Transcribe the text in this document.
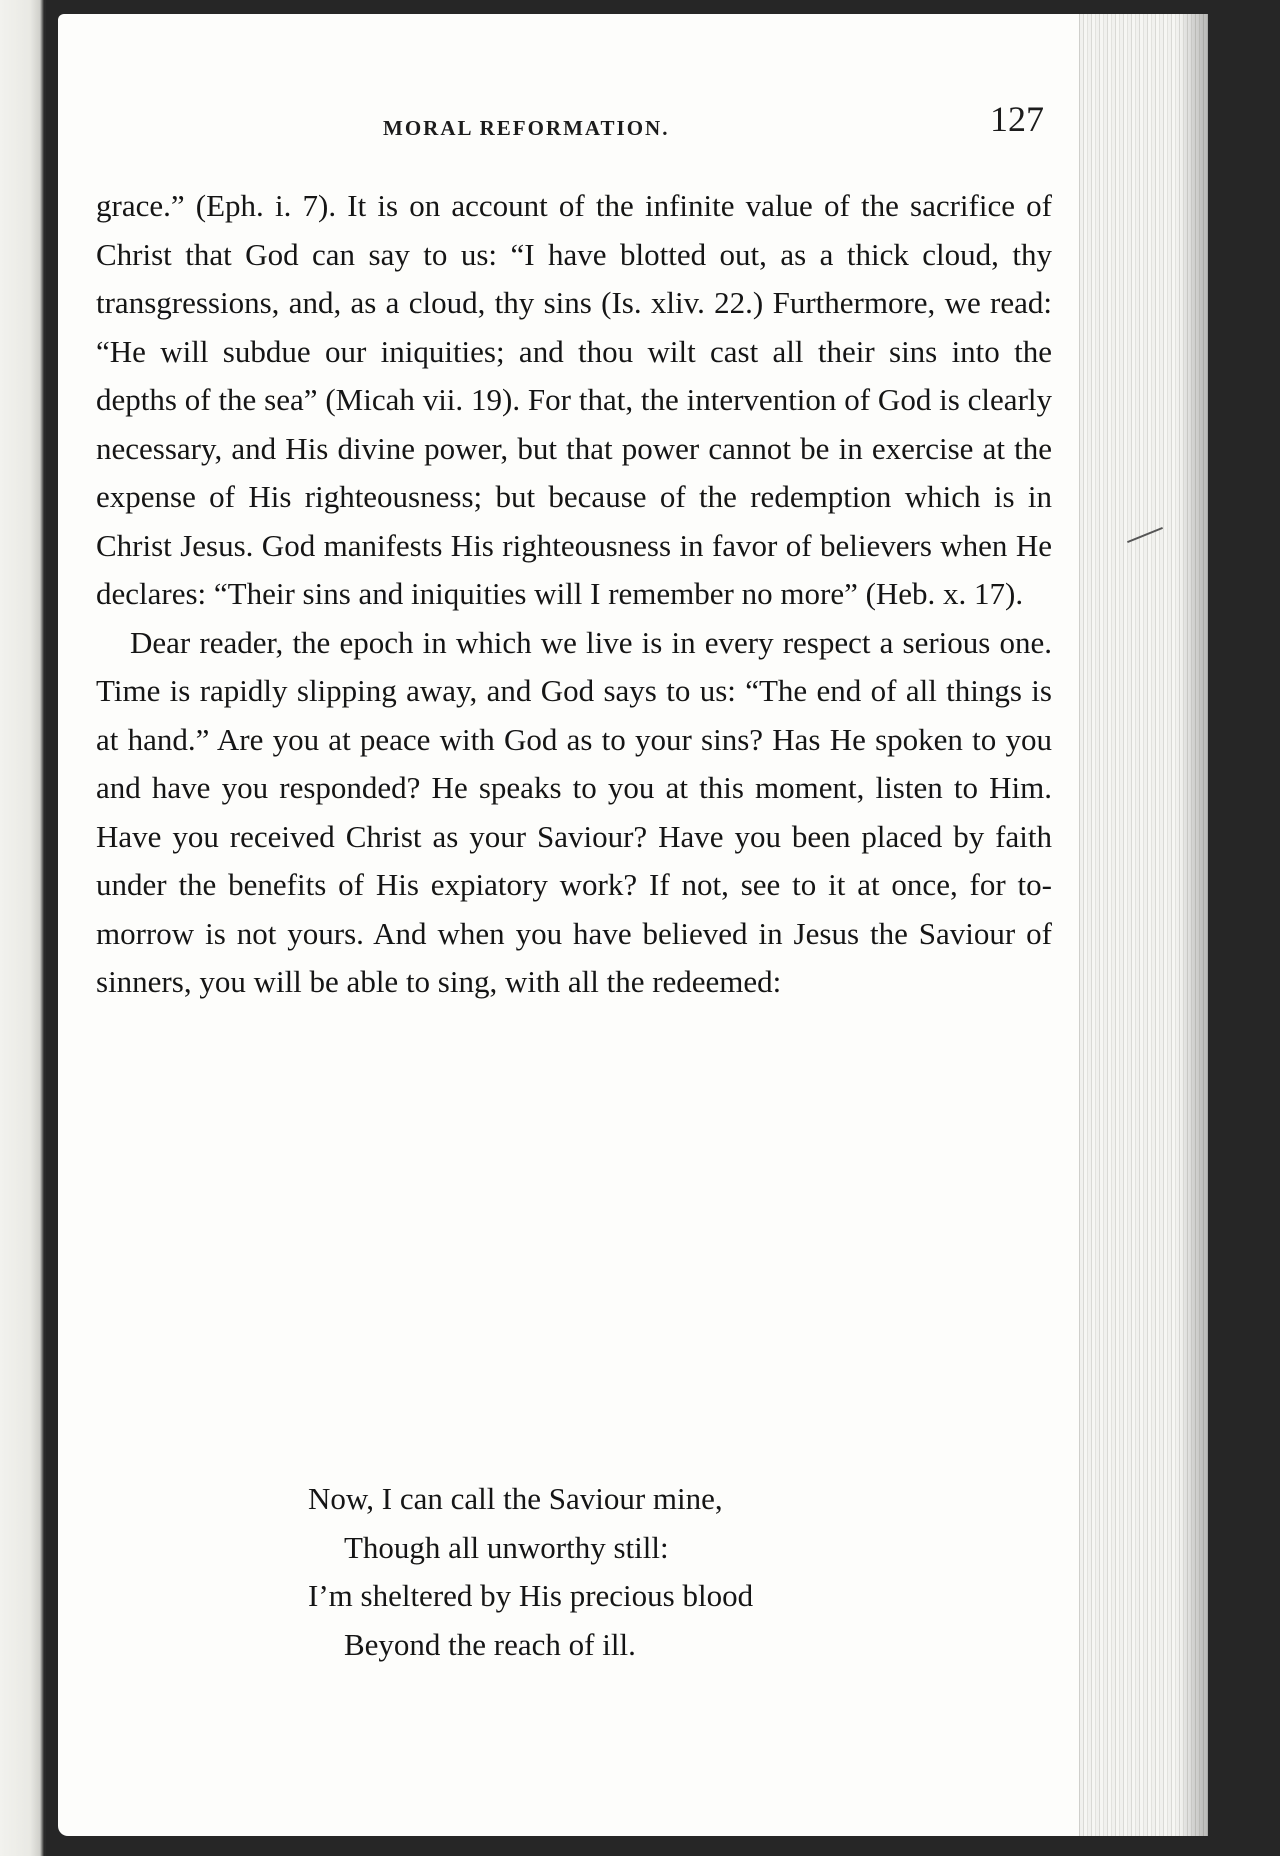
MORAL REFORMATION.	127

grace.” (Eph. i. 7). It is on account of the infinite value of the sacrifice of Christ that God can say to us: “I have blotted out, as a thick cloud, thy transgressions, and, as a cloud, thy sins (Is. xliv. 22.) Furthermore, we read: “He will subdue our iniquities; and thou wilt cast all their sins into the depths of the sea” (Micah vii. 19). For that, the intervention of God is clearly necessary, and His divine power, but that power cannot be in exercise at the expense of His righteousness; but because of the redemption which is in Christ Jesus. God manifests His righteousness in favor of believers when He declares: “Their sins and iniquities will I remember no more” (Heb. x. 17).

Dear reader, the epoch in which we live is in every respect a serious one. Time is rapidly slipping away, and God says to us: “The end of all things is at hand.” Are you at peace with God as to your sins? Has He spoken to you and have you responded? He speaks to you at this moment, listen to Him. Have you received Christ as your Saviour? Have you been placed by faith under the benefits of His expiatory work? If not, see to it at once, for to-morrow is not yours. And when you have believed in Jesus the Saviour of sinners, you will be able to sing, with all the redeemed:

Now, I can call the Saviour mine,
Though all unworthy still:
I’m sheltered by His precious blood
Beyond the reach of ill.
